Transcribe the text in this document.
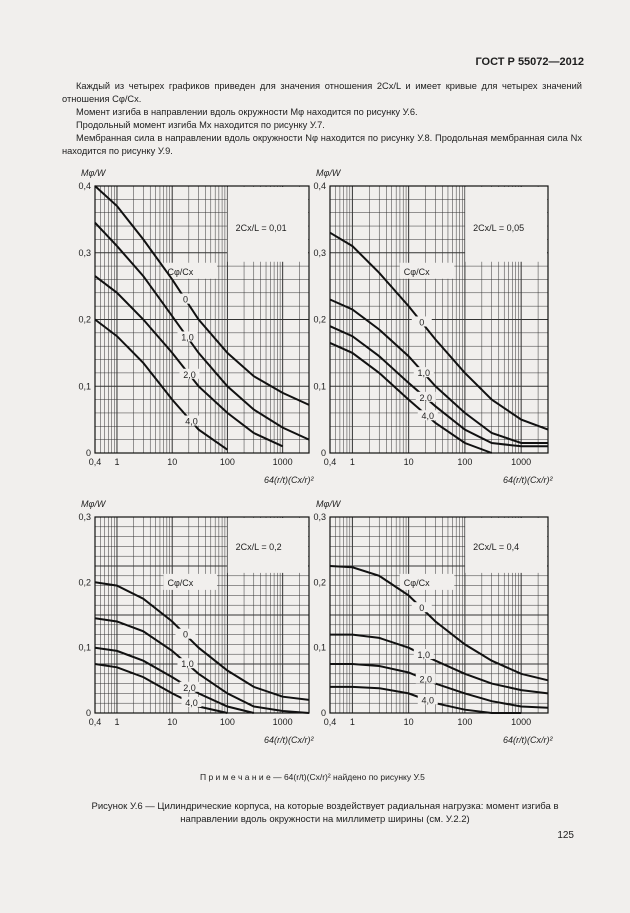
ГОСТ Р 55072—2012
Каждый из четырех графиков приведен для значения отношения 2Cx/L и имеет кривые для четырех значений отношения Cφ/Cx.
Момент изгиба в направлении вдоль окружности Mφ находится по рисунку У.6.
Продольный момент изгиба Mx находится по рисунку У.7.
Мембранная сила в направлении вдоль окружности Nφ находится по рисунку У.8. Продольная мембранная сила Nx находится по рисунку У.9.
0
1,0
2,0
4,0
Cφ/Cx
2Cx/L = 0,01
0
0,1
0,2
0,3
0,4
0,4 1	10	100	1000
Mφ/W
64(r/t)(Cx/r)²
0
1,0
2,0
4,0
Cφ/Cx
2Cx/L = 0,05
0
0,1
0,2
0,3
0,4
0,4 1	10	100	1000
Mφ/W
64(r/t)(Cx/r)²
0
1,0
2,0
4,0
Cφ/Cx
2Cx/L = 0,2
0
0,1
0,2
0,3
0,4 1	10	100	1000
Mφ/W
64(r/t)(Cx/r)²
0
1,0
2,0
4,0
Cφ/Cx
2Cx/L = 0,4
0
0,1
0,2
0,3
0,4 1	10	100	1000
Mφ/W
64(r/t)(Cx/r)²
П р и м е ч а н и е — 64(r/t)(Cx/r)² найдено по рисунку У.5
Рисунок У.6 — Цилиндрические корпуса, на которые воздействует радиальная нагрузка: момент изгиба в направлении вдоль окружности на миллиметр ширины (см. У.2.2)
125
